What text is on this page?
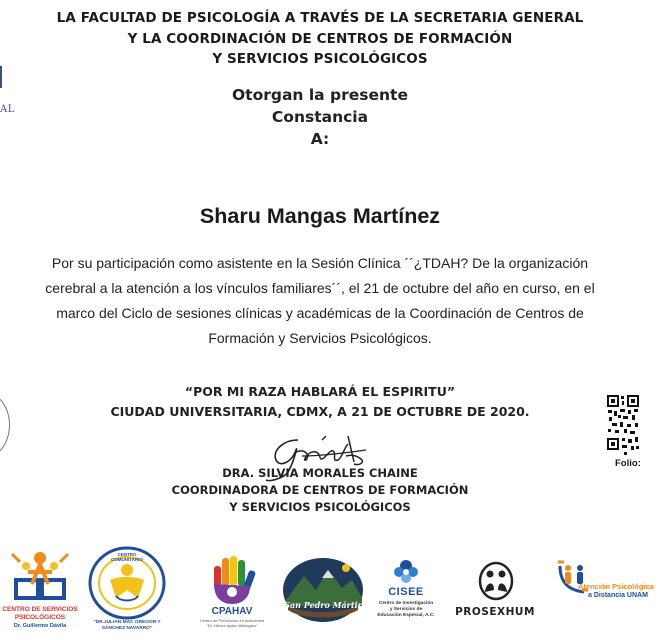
LA FACULTAD DE PSICOLOGÍA A TRAVÉS DE LA SECRETARIA GENERAL
Y LA COORDINACIÓN DE CENTROS DE FORMACIÓN
Y SERVICIOS PSICOLÓGICOS
AL
Otorgan la presente
Constancia
A:
Sharu Mangas Martínez
Por su participación como asistente en la Sesión Clínica ´´¿TDAH? De la organización
cerebral a la atención a los vínculos familiares´´, el 21 de octubre del año en curso, en el
marco del Ciclo de sesiones clínicas y académicas de la Coordinación de Centros de
Formación y Servicios Psicológicos.
“POR MI RAZA HABLARÁ EL ESPIRITU”
CIUDAD UNIVERSITARIA, CDMX, A 21 DE OCTUBRE DE 2020.
Folio:
DRA. SILVIA MORALES CHAINE
COORDINADORA DE CENTROS DE FORMACIÓN
Y SERVICIOS PSICOLÓGICOS
CENTRO DE SERVICIOS
PSICOLÓGICOS
Dr. Guillermo Dávila
CENTRO COMUNITARIO
"DR.JULIÁN MAC GREGOR Y
SÁNCHEZ NAVARRO"
CPAHAV
Centro de Prevención en Adicciones
"Dr. Héctor Ayala Velázquez"
San Pedro Mártir
CISEE
Centro de Investigación
y Servicios de
Educación Especial, A.C.	PROSEXHUM
Atención Psicológica
a Distancia UNAM
